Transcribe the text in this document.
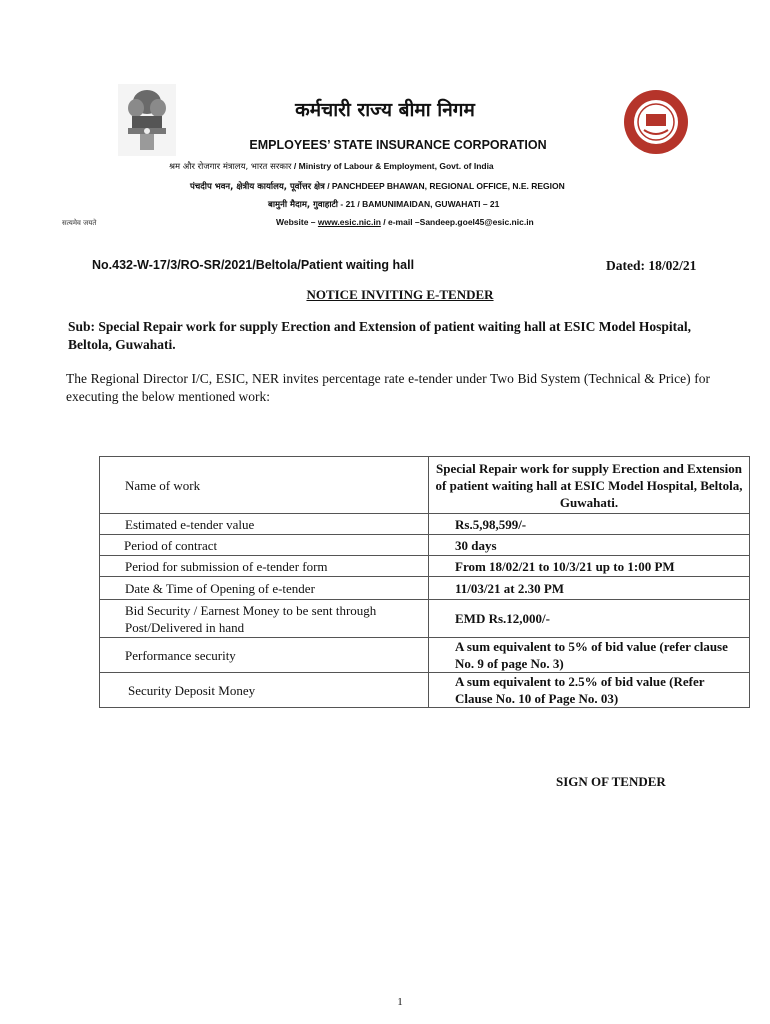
कर्मचारी राज्य बीमा निगम
EMPLOYEES’ STATE INSURANCE CORPORATION
श्रम और रोजगार मंत्रालय, भारत सरकार / Ministry of Labour & Employment, Govt. of India
पंचदीप भवन, क्षेत्रीय कार्यालय, पूर्वोत्तर क्षेत्र / PANCHDEEP BHAWAN, REGIONAL OFFICE, N.E. REGION
बामुनी मैदाम, गुवाहाटी - 21 / BAMUNIMAIDAN, GUWAHATI – 21
सत्यमेव जयते	Website – www.esic.nic.in / e-mail –Sandeep.goel45@esic.nic.in
No.432-W-17/3/RO-SR/2021/Beltola/Patient waiting hall	Dated: 18/02/21
NOTICE INVITING E-TENDER
Sub: Special Repair work for supply Erection and Extension of patient waiting hall at ESIC Model Hospital, Beltola, Guwahati.
The Regional Director I/C, ESIC, NER invites percentage rate e-tender under Two Bid System (Technical & Price) for executing the below mentioned work:
Name of work	Special Repair work for supply Erection and Extension of patient waiting hall at ESIC Model Hospital, Beltola, Guwahati.
Estimated e-tender value	Rs.5,98,599/-
Period of contract	30 days
Period for submission of e-tender form	From 18/02/21 to 10/3/21 up to 1:00 PM
Date & Time of Opening of e-tender	11/03/21 at 2.30 PM
Bid Security / Earnest Money to be sent through Post/Delivered in hand	EMD Rs.12,000/-
Performance security	A sum equivalent to 5% of bid value (refer clause No. 9 of page No. 3)
Security Deposit Money	A sum equivalent to 2.5% of bid value (Refer Clause No. 10 of Page No. 03)
SIGN OF TENDER
1
